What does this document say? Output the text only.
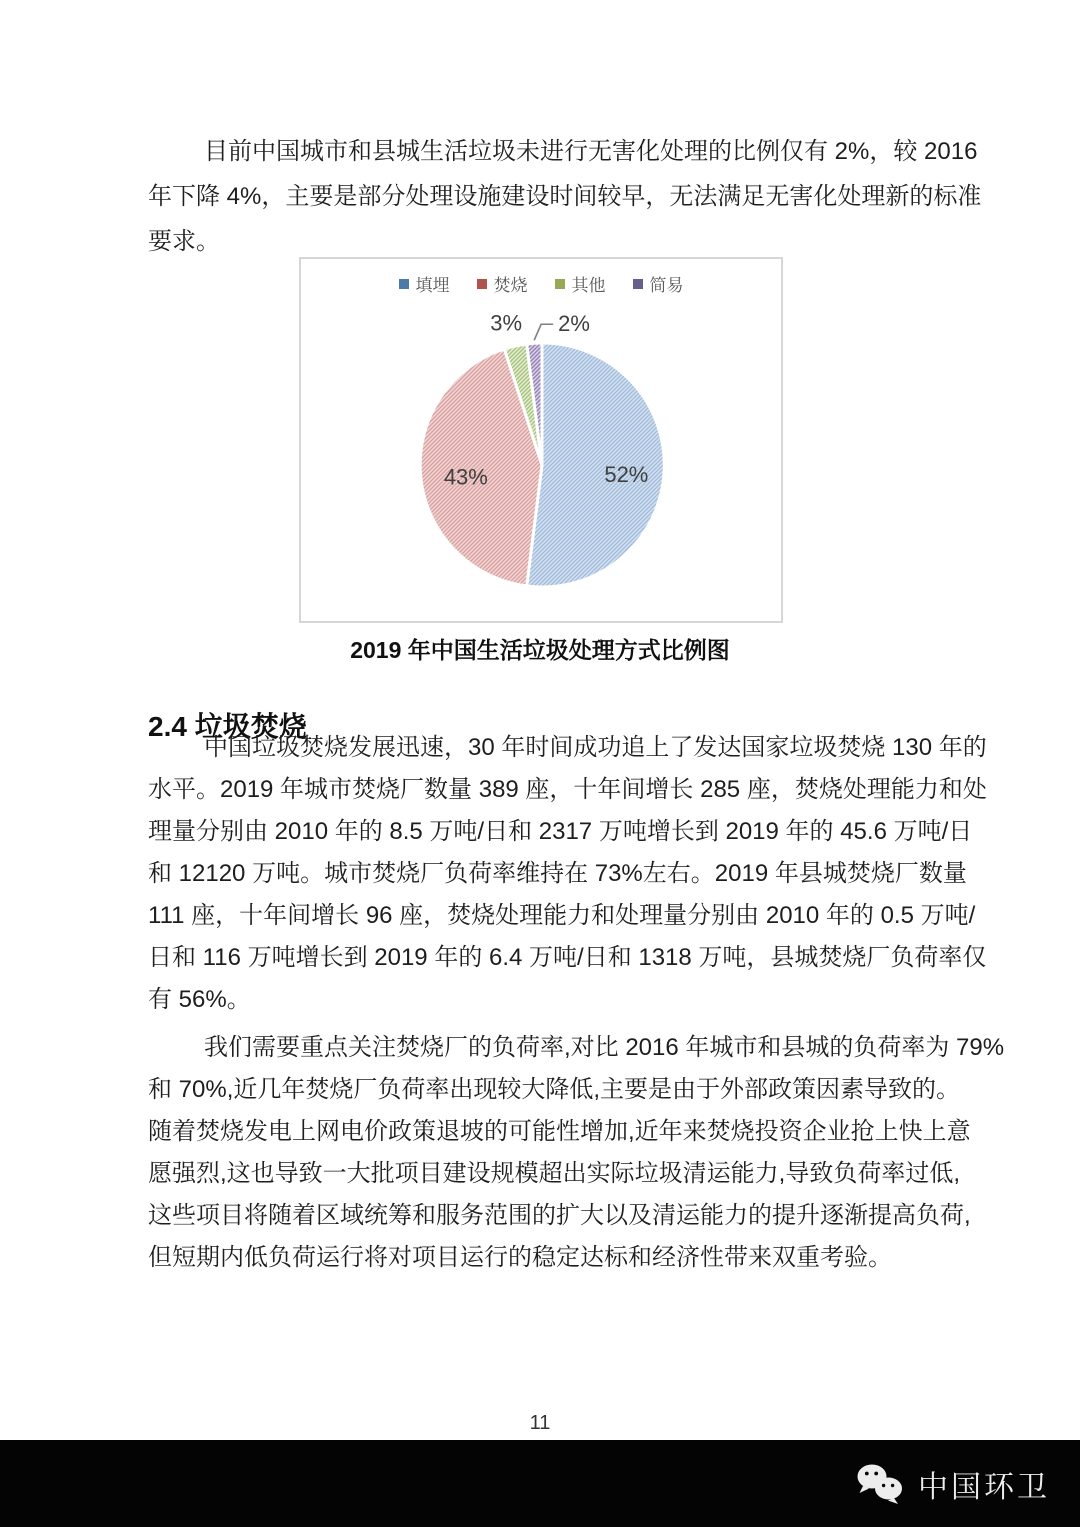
目前中国城市和县城生活垃圾未进行无害化处理的比例仅有 2%，较 2016
年下降 4%，主要是部分处理设施建设时间较早，无法满足无害化处理新的标准
要求。
52%
43%
3% 2%
填埋	焚烧	其他	简易
2019 年中国生活垃圾处理方式比例图
2.4 垃圾焚烧
中国垃圾焚烧发展迅速，30 年时间成功追上了发达国家垃圾焚烧 130 年的
水平。2019 年城市焚烧厂数量 389 座，十年间增长 285 座，焚烧处理能力和处
理量分别由 2010 年的 8.5 万吨/日和 2317 万吨增长到 2019 年的 45.6 万吨/日
和 12120 万吨。城市焚烧厂负荷率维持在 73%左右。2019 年县城焚烧厂数量
111 座，十年间增长 96 座，焚烧处理能力和处理量分别由 2010 年的 0.5 万吨/
日和 116 万吨增长到 2019 年的 6.4 万吨/日和 1318 万吨，县城焚烧厂负荷率仅
有 56%。
我们需要重点关注焚烧厂的负荷率,对比 2016 年城市和县城的负荷率为 79%
和 70%,近几年焚烧厂负荷率出现较大降低,主要是由于外部政策因素导致的。
随着焚烧发电上网电价政策退坡的可能性增加,近年来焚烧投资企业抢上快上意
愿强烈,这也导致一大批项目建设规模超出实际垃圾清运能力,导致负荷率过低,
这些项目将随着区域统筹和服务范围的扩大以及清运能力的提升逐渐提高负荷,
但短期内低负荷运行将对项目运行的稳定达标和经济性带来双重考验。
11
中国环卫
